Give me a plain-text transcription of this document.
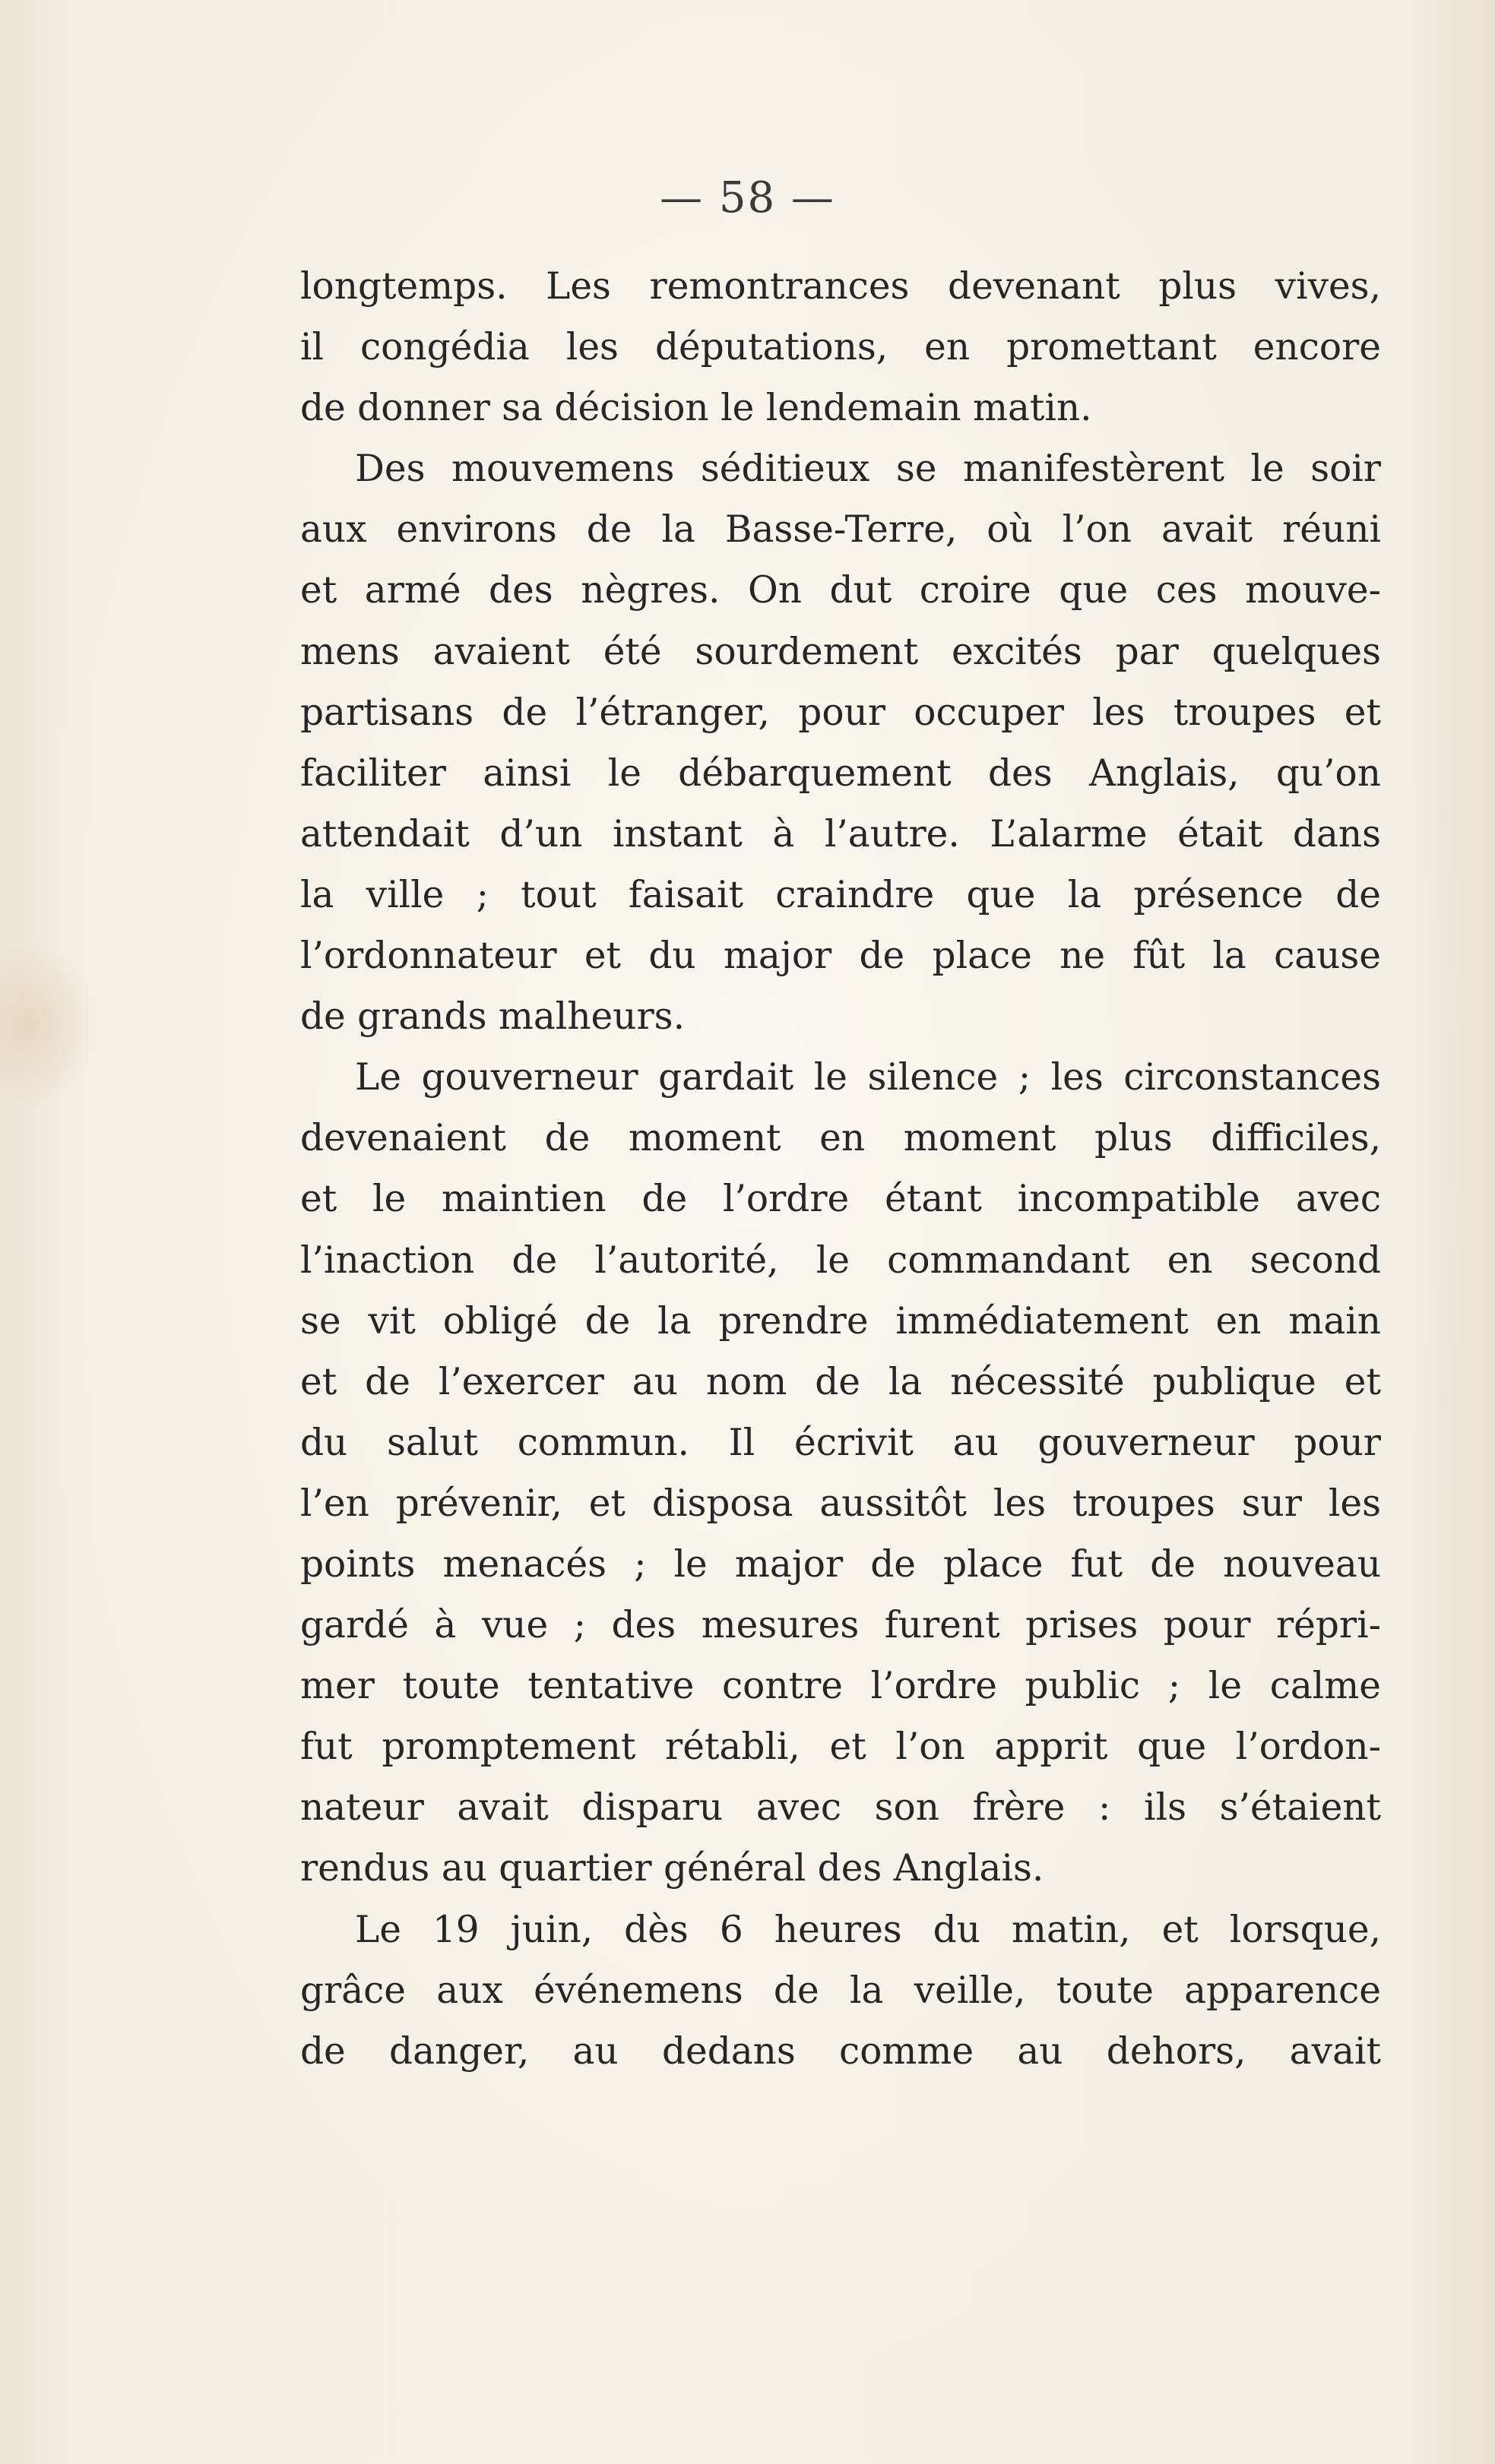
— 58 —
longtemps. Les remontrances devenant plus vives,
il congédia les députations, en promettant encore
de donner sa décision le lendemain matin.
Des mouvemens séditieux se manifestèrent le soir
aux environs de la Basse-Terre, où l’on avait réuni
et armé des nègres. On dut croire que ces mouve-
mens avaient été sourdement excités par quelques
partisans de l’étranger, pour occuper les troupes et
faciliter ainsi le débarquement des Anglais, qu’on
attendait d’un instant à l’autre. L’alarme était dans
la ville ; tout faisait craindre que la présence de
l’ordonnateur et du major de place ne fût la cause
de grands malheurs.
Le gouverneur gardait le silence ; les circonstances
devenaient de moment en moment plus difficiles,
et le maintien de l’ordre étant incompatible avec
l’inaction de l’autorité, le commandant en second
se vit obligé de la prendre immédiatement en main
et de l’exercer au nom de la nécessité publique et
du salut commun. Il écrivit au gouverneur pour
l’en prévenir, et disposa aussitôt les troupes sur les
points menacés ; le major de place fut de nouveau
gardé à vue ; des mesures furent prises pour répri-
mer toute tentative contre l’ordre public ; le calme
fut promptement rétabli, et l’on apprit que l’ordon-
nateur avait disparu avec son frère : ils s’étaient
rendus au quartier général des Anglais.
Le 19 juin, dès 6 heures du matin, et lorsque,
grâce aux événemens de la veille, toute apparence
de danger, au dedans comme au dehors, avait
